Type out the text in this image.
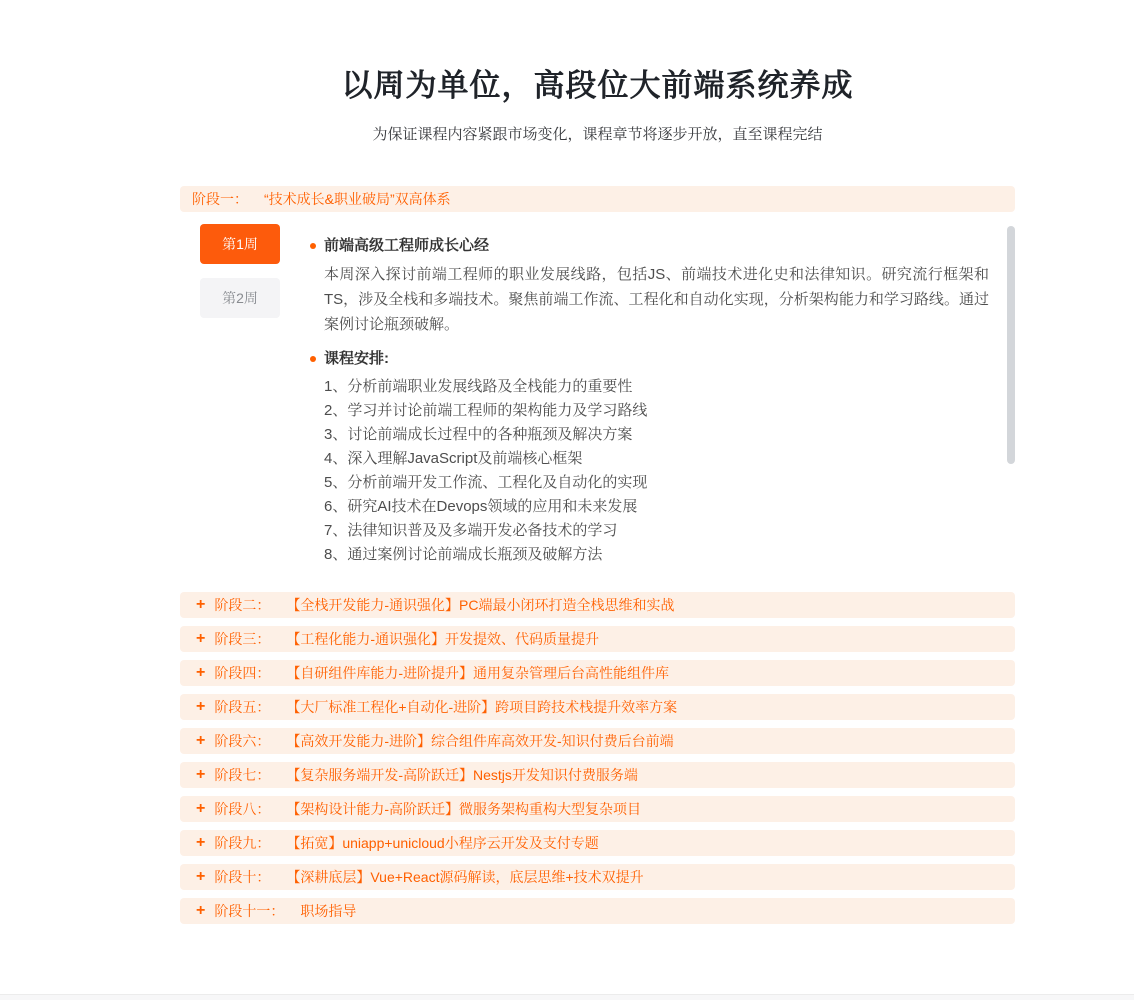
以周为单位，高段位大前端系统养成
为保证课程内容紧跟市场变化，课程章节将逐步开放，直至课程完结
阶段一： “技术成长&职业破局”双高体系
第1周
第2周
前端高级工程师成长心经

本周深入探讨前端工程师的职业发展线路，包括JS、前端技术进化史和法律知识。研究流行框架和TS，涉及全栈和多端技术。聚焦前端工作流、工程化和自动化实现，分析架构能力和学习路线。通过案例讨论瓶颈破解。

课程安排:
1、分析前端职业发展线路及全栈能力的重要性
2、学习并讨论前端工程师的架构能力及学习路线
3、讨论前端成长过程中的各种瓶颈及解决方案
4、深入理解JavaScript及前端核心框架
5、分析前端开发工作流、工程化及自动化的实现
6、研究AI技术在Devops领域的应用和未来发展
7、法律知识普及及多端开发必备技术的学习
8、通过案例讨论前端成长瓶颈及破解方法
+ 阶段二： 【全栈开发能力-通识强化】PC端最小闭环打造全栈思维和实战
+ 阶段三： 【工程化能力-通识强化】开发提效、代码质量提升
+ 阶段四： 【自研组件库能力-进阶提升】通用复杂管理后台高性能组件库
+ 阶段五： 【大厂标准工程化+自动化-进阶】跨项目跨技术栈提升效率方案
+ 阶段六： 【高效开发能力-进阶】综合组件库高效开发-知识付费后台前端
+ 阶段七： 【复杂服务端开发-高阶跃迁】Nestjs开发知识付费服务端
+ 阶段八： 【架构设计能力-高阶跃迁】微服务架构重构大型复杂项目
+ 阶段九： 【拓宽】uniapp+unicloud小程序云开发及支付专题
+ 阶段十： 【深耕底层】Vue+React源码解读，底层思维+技术双提升
+ 阶段十一： 职场指导
